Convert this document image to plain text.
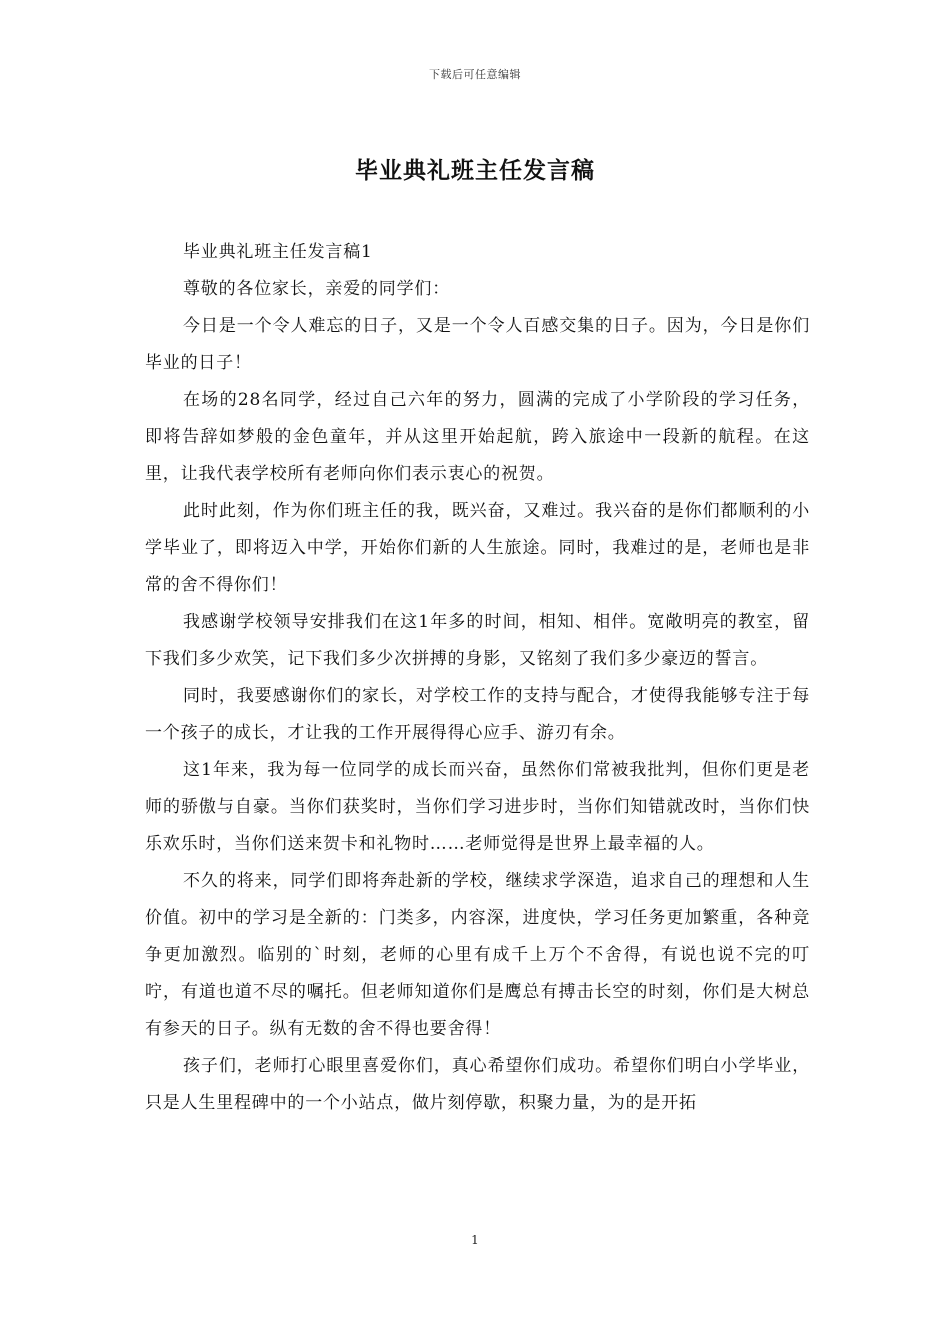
下载后可任意编辑
毕业典礼班主任发言稿

毕业典礼班主任发言稿1

尊敬的各位家长，亲爱的同学们：

今日是一个令人难忘的日子，又是一个令人百感交集的日子。因为，今日是你们毕业的日子！

在场的28名同学，经过自己六年的努力，圆满的完成了小学阶段的学习任务，即将告辞如梦般的金色童年，并从这里开始起航，跨入旅途中一段新的航程。在这里，让我代表学校所有老师向你们表示衷心的祝贺。

此时此刻，作为你们班主任的我，既兴奋，又难过。我兴奋的是你们都顺利的小学毕业了，即将迈入中学，开始你们新的人生旅途。同时，我难过的是，老师也是非常的舍不得你们！

我感谢学校领导安排我们在这1年多的时间，相知、相伴。宽敞明亮的教室，留下我们多少欢笑，记下我们多少次拼搏的身影，又铭刻了我们多少豪迈的誓言。

同时，我要感谢你们的家长，对学校工作的支持与配合，才使得我能够专注于每一个孩子的成长，才让我的工作开展得得心应手、游刃有余。

这1年来，我为每一位同学的成长而兴奋，虽然你们常被我批判，但你们更是老师的骄傲与自豪。当你们获奖时，当你们学习进步时，当你们知错就改时，当你们快乐欢乐时，当你们送来贺卡和礼物时……老师觉得是世界上最幸福的人。

不久的将来，同学们即将奔赴新的学校，继续求学深造，追求自己的理想和人生价值。初中的学习是全新的：门类多，内容深，进度快，学习任务更加繁重，各种竞争更加激烈。临别的`时刻，老师的心里有成千上万个不舍得，有说也说不完的叮咛，有道也道不尽的嘱托。但老师知道你们是鹰总有搏击长空的时刻，你们是大树总有参天的日子。纵有无数的舍不得也要舍得！

孩子们，老师打心眼里喜爱你们，真心希望你们成功。希望你们明白小学毕业，只是人生里程碑中的一个小站点，做片刻停歇，积聚力量，为的是开拓

1
